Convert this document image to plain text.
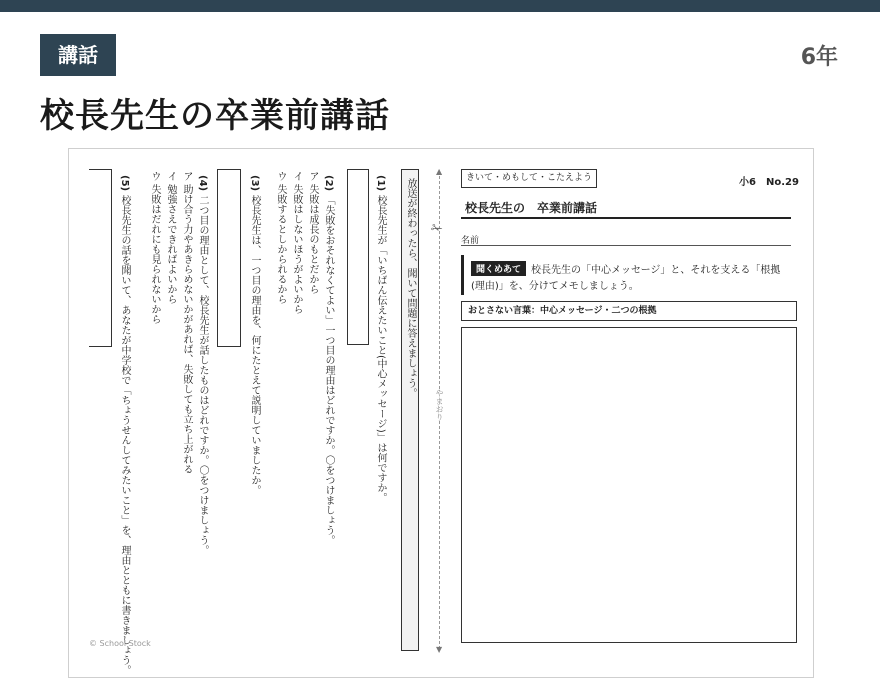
講話	6年
校長先生の卒業前講話
放送が終わったら、聞いて問題に答えましょう。
(1)
校長先生が「いちばん伝えたいこと(中心メッセージ)」は何ですか。
(2)
「失敗をおそれなくてよい」一つ目の理由はどれですか。〇をつけましょう。
ア 失敗は成長のもとだから
イ 失敗はしないほうがよいから
ウ 失敗するとしかられるから
(3)
校長先生は、一つ目の理由を、何にたとえて説明していましたか。
(4)
二つ目の理由として、校長先生が話したものはどれですか。〇をつけましょう。
ア 助け合う力やあきらめないかがあれば、失敗しても立ち上がれる
イ 勉強さえできればよいから
ウ 失敗はだれにも見られないから
(5)
校長先生の話を聞いて、あなたが中学校で「ちょうせんしてみたいこと」を、理由とともに書きましょう。
© School Stock
▲
▼
✁
やまおり
きいて・めもして・こたえよう	小6　No.29
校長先生の　卒業前講話
名前
聞くめあて 校長先生の「中心メッセージ」と、それを支える「根拠
(理由)」を、分けてメモしましょう。
おとさない言葉：中心メッセージ・二つの根拠
